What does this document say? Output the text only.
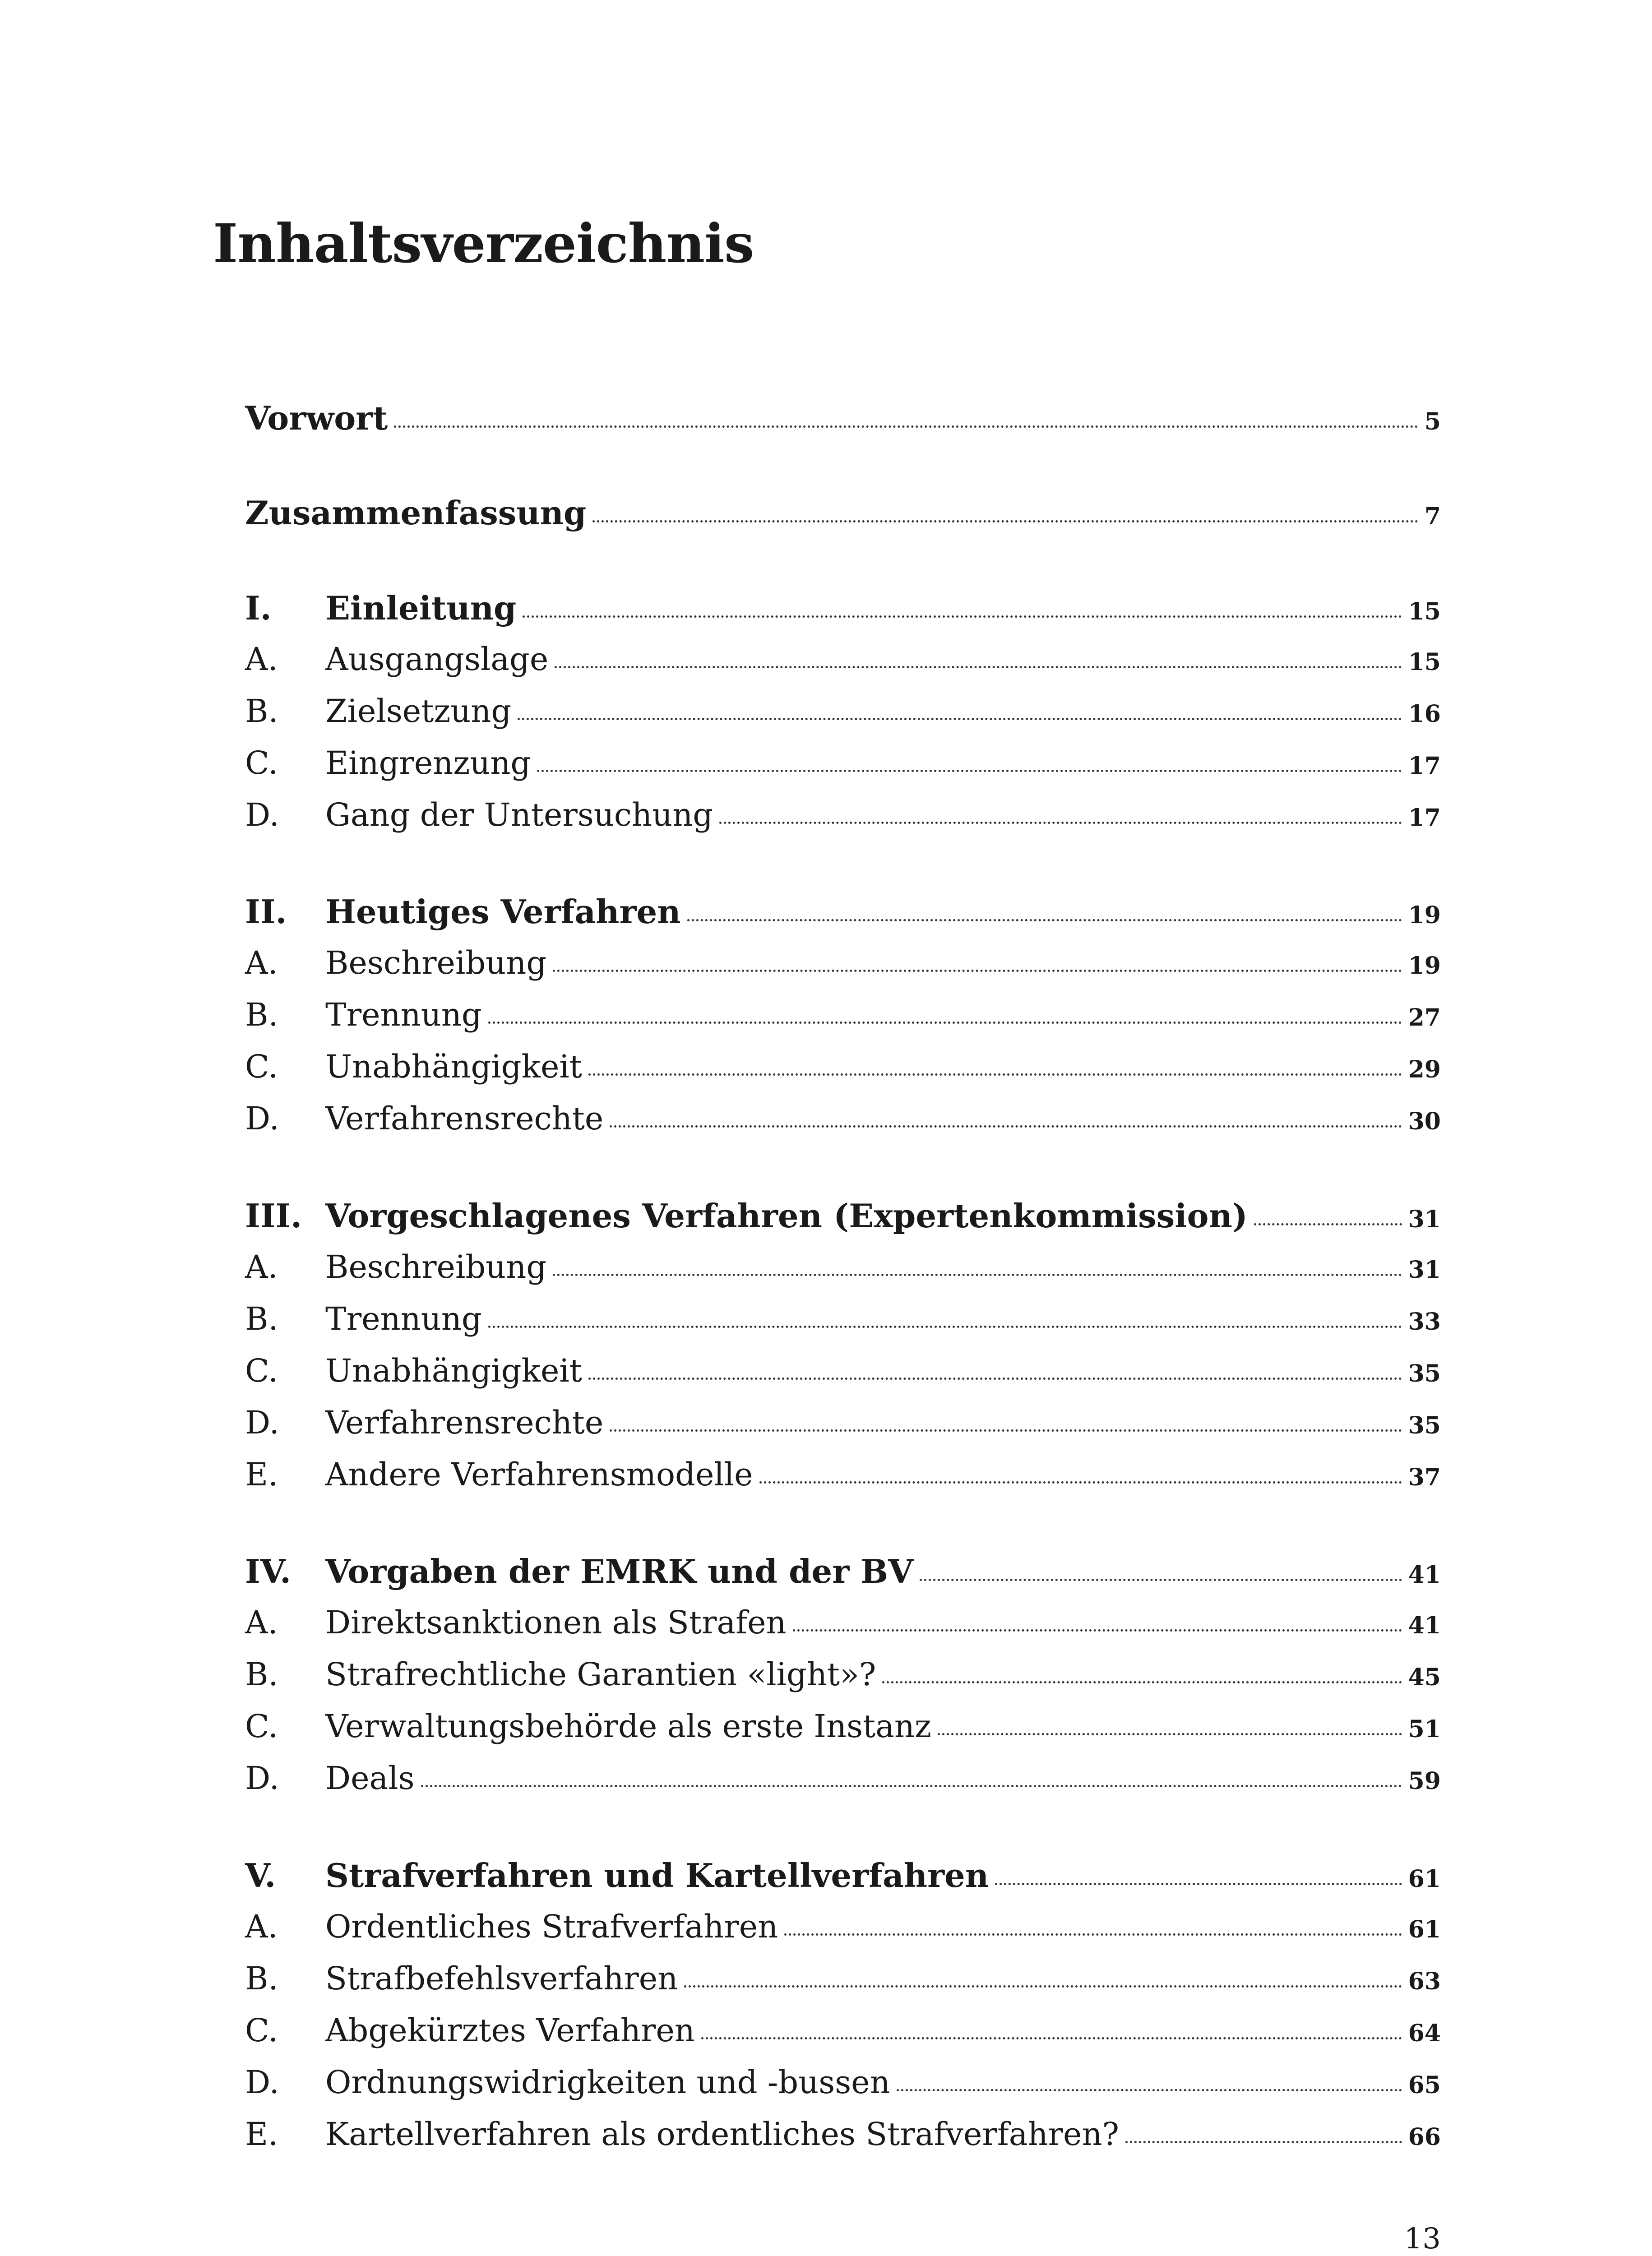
Inhaltsverzeichnis
Vorwort	5
Zusammenfassung	7
I.	Einleitung	15
A.	Ausgangslage	15
B.	Zielsetzung	16
C.	Eingrenzung	17
D.	Gang der Untersuchung	17
II.	Heutiges Verfahren	19
A.	Beschreibung	19
B.	Trennung	27
C.	Unabhängigkeit	29
D.	Verfahrensrechte	30
III. Vorgeschlagenes Verfahren (Expertenkommission)	31
A.	Beschreibung	31
B.	Trennung	33
C.	Unabhängigkeit	35
D.	Verfahrensrechte	35
E.	Andere Verfahrensmodelle	37
IV.	Vorgaben der EMRK und der BV	41
A.	Direktsanktionen als Strafen	41
B.	Strafrechtliche Garantien «light»?	45
C.	Verwaltungsbehörde als erste Instanz	51
D.	Deals	59
V.	Strafverfahren und Kartellverfahren	61
A.	Ordentliches Strafverfahren	61
B.	Strafbefehlsverfahren	63
C.	Abgekürztes Verfahren	64
D.	Ordnungswidrigkeiten und -bussen	65
E.	Kartellverfahren als ordentliches Strafverfahren?	66
13
